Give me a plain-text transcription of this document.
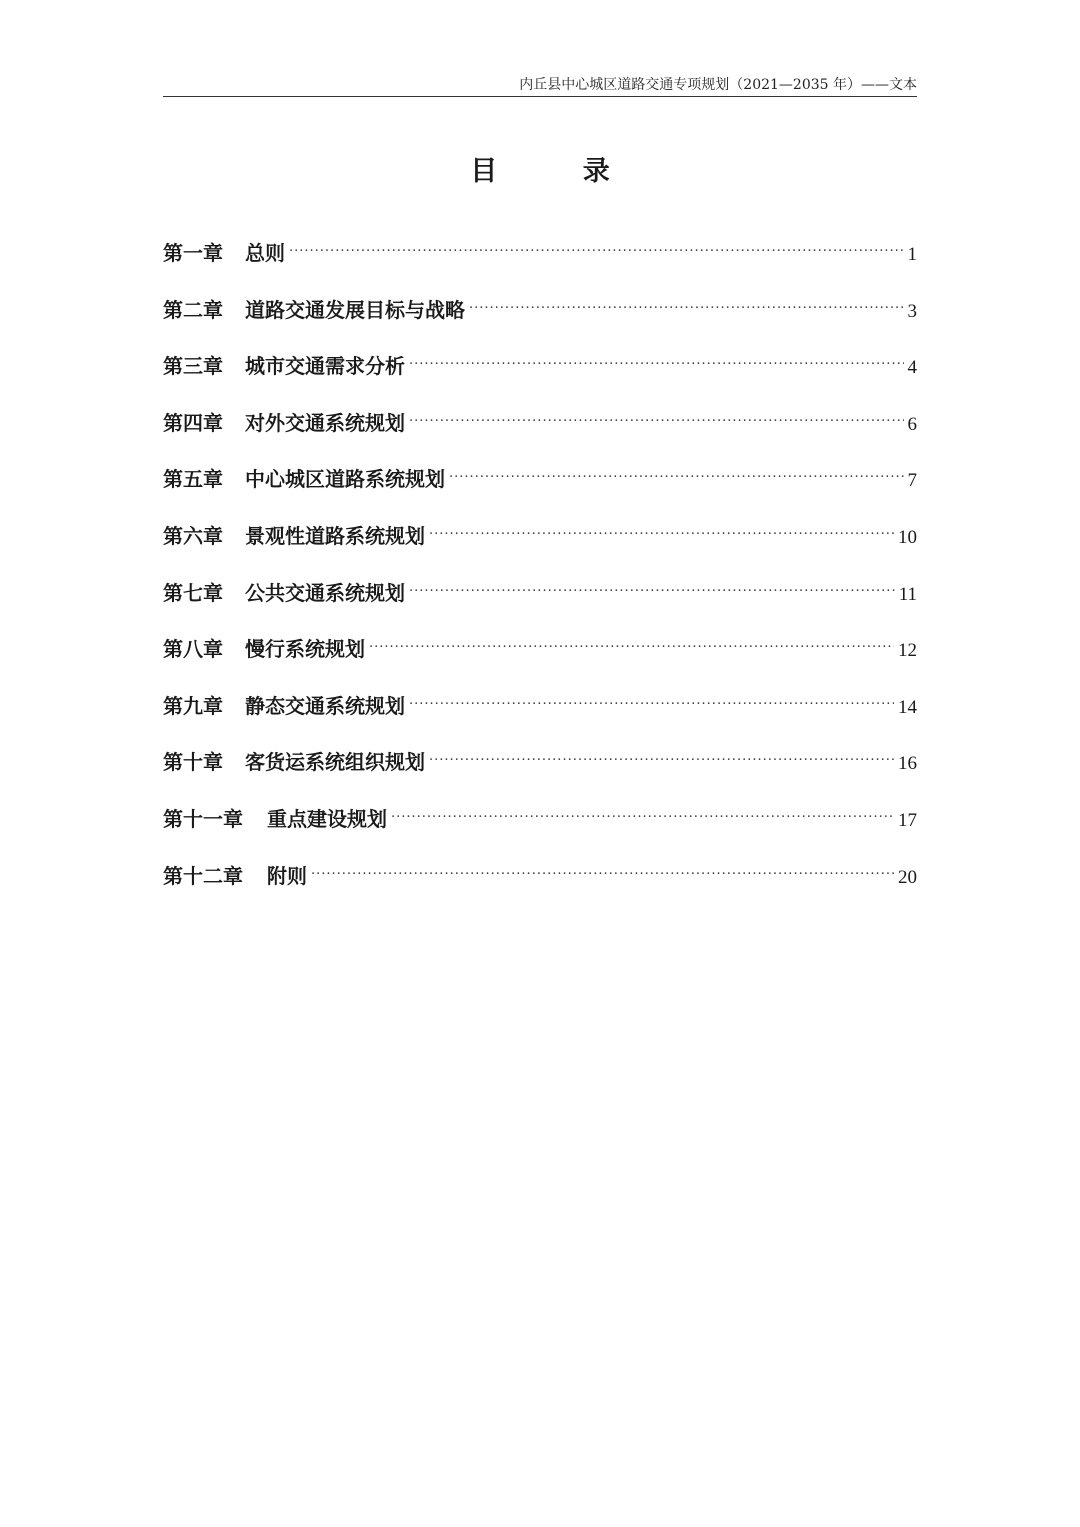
内丘县中心城区道路交通专项规划（2021—2035 年）——文本
目 录
第一章 总则 .....	1
第二章 道路交通发展目标与战略 .....	3
第三章 城市交通需求分析 .....	4
第四章 对外交通系统规划 .....	6
第五章 中心城区道路系统规划 .....	7
第六章 景观性道路系统规划 .....	10
第七章 公共交通系统规划 .....	11
第八章 慢行系统规划 .....	12
第九章 静态交通系统规划 .....	14
第十章 客货运系统组织规划 .....	16
第十一章 重点建设规划 .....	17
第十二章 附则 .....	20
